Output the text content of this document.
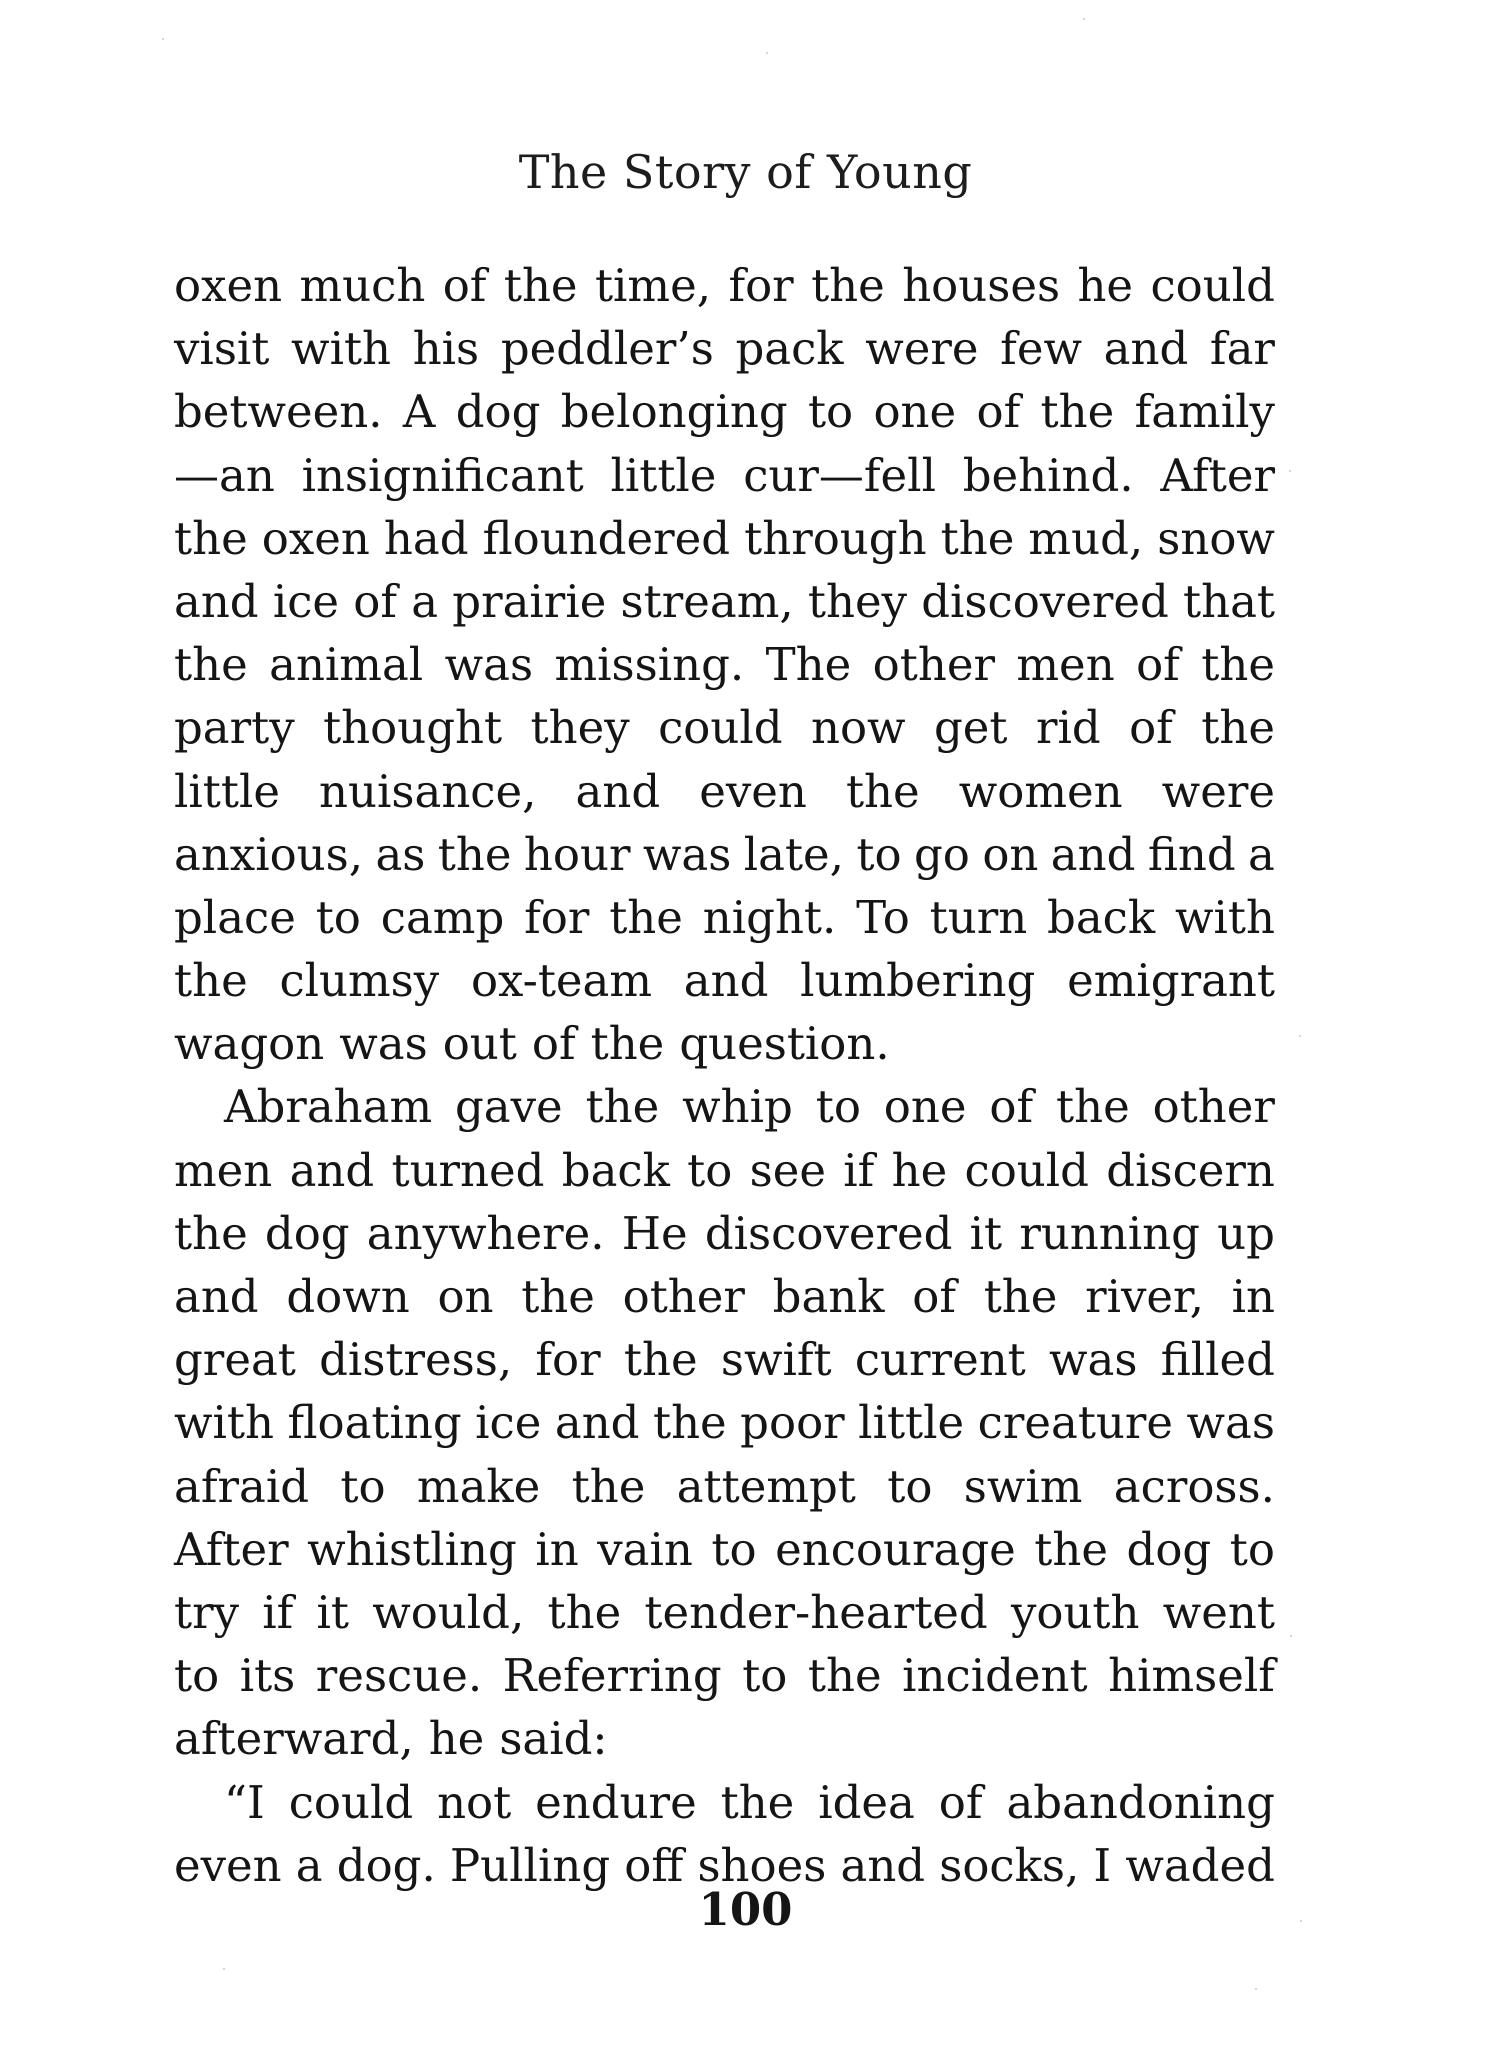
The Story of Young
oxen much of the time, for the houses he could
visit with his peddler’s pack were few and far
between. A dog belonging to one of the family
—an insignificant little cur—fell behind. After
the oxen had floundered through the mud, snow
and ice of a prairie stream, they discovered that
the animal was missing. The other men of the
party thought they could now get rid of the
little nuisance, and even the women were
anxious, as the hour was late, to go on and find a
place to camp for the night. To turn back with
the clumsy ox-team and lumbering emigrant
wagon was out of the question.
Abraham gave the whip to one of the other
men and turned back to see if he could discern
the dog anywhere. He discovered it running up
and down on the other bank of the river, in
great distress, for the swift current was filled
with floating ice and the poor little creature was
afraid to make the attempt to swim across.
After whistling in vain to encourage the dog to
try if it would, the tender-hearted youth went
to its rescue. Referring to the incident himself
afterward, he said:
“I could not endure the idea of abandoning
even a dog. Pulling off shoes and socks, I waded
100
